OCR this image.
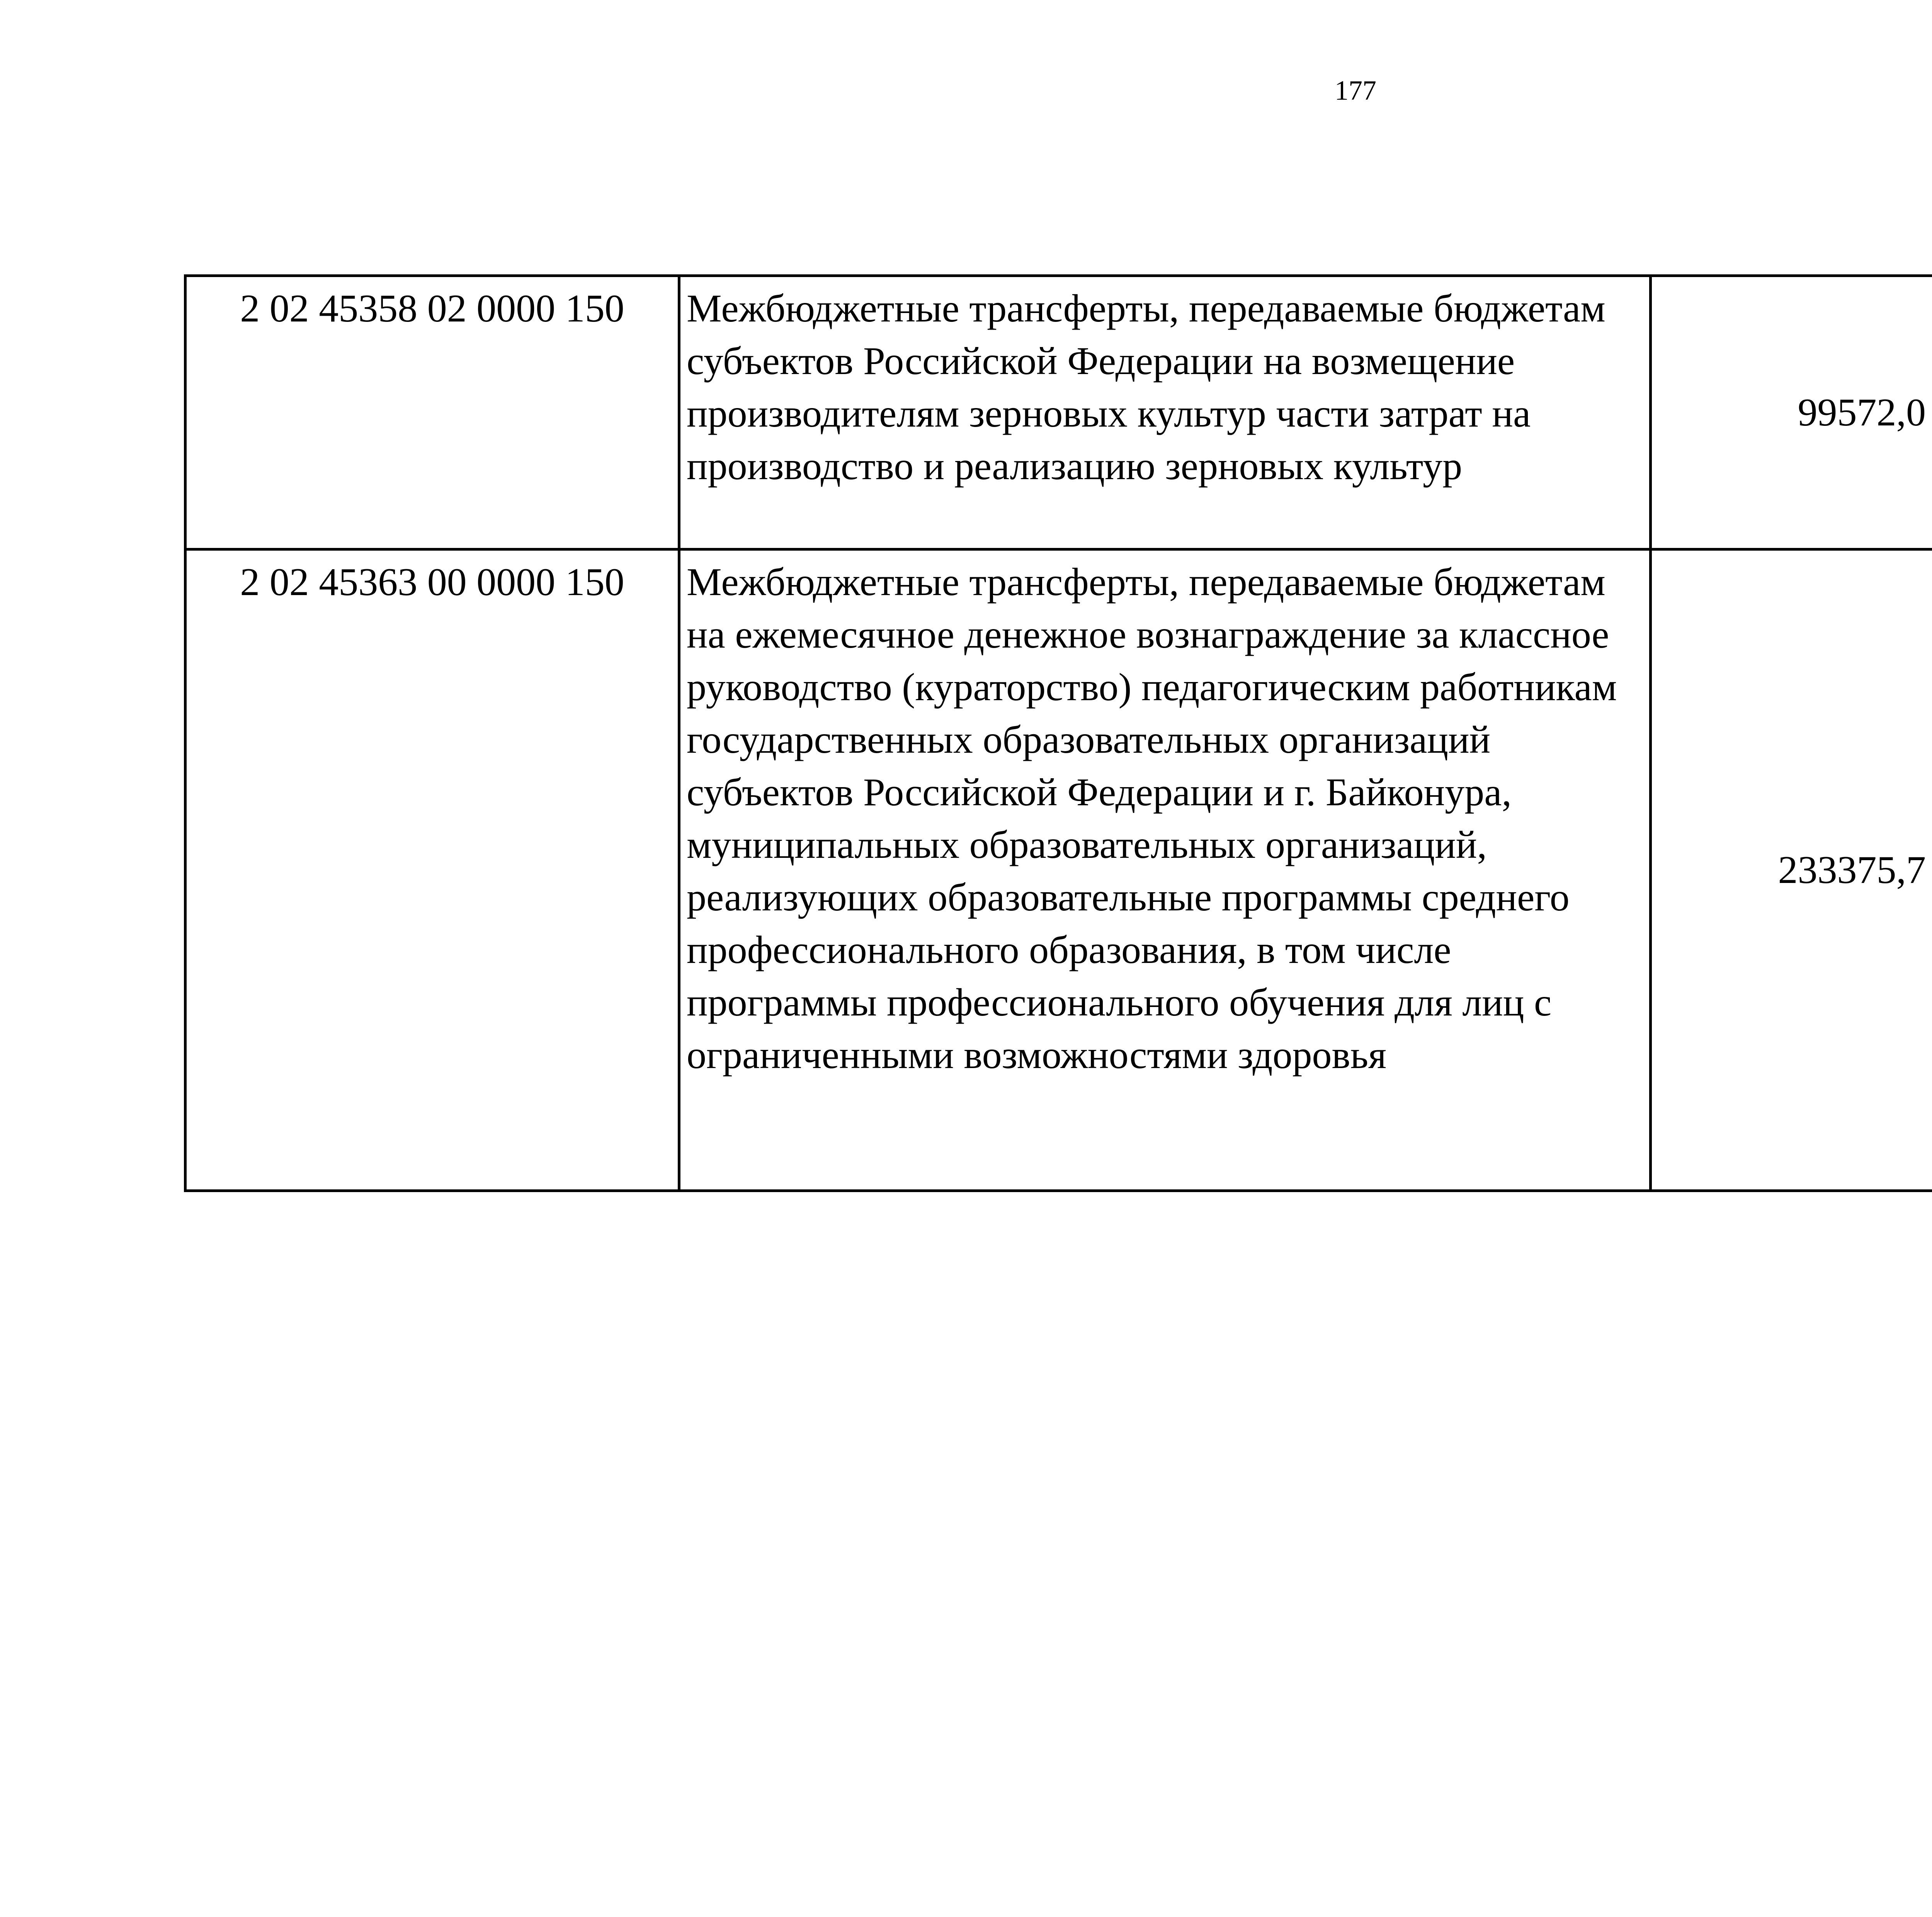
177
2 02 45358 02 0000 150	Межбюджетные трансферты, передаваемые бюджетам субъектов Российской Федерации на возмещение производителям зерновых культур части затрат на производство и реализацию зерновых культур	99572,0		
2 02 45363 00 0000 150	Межбюджетные трансферты, передаваемые бюджетам на ежемесячное денежное вознаграждение за классное руководство (кураторство) педагогическим работникам государственных образовательных организаций субъектов Российской Федерации и г. Байконура, муниципальных образовательных организаций, реализующих образовательные программы среднего профессионального образования, в том числе программы профессионального обучения для лиц с ограниченными возможностями здоровья	233375,7		
